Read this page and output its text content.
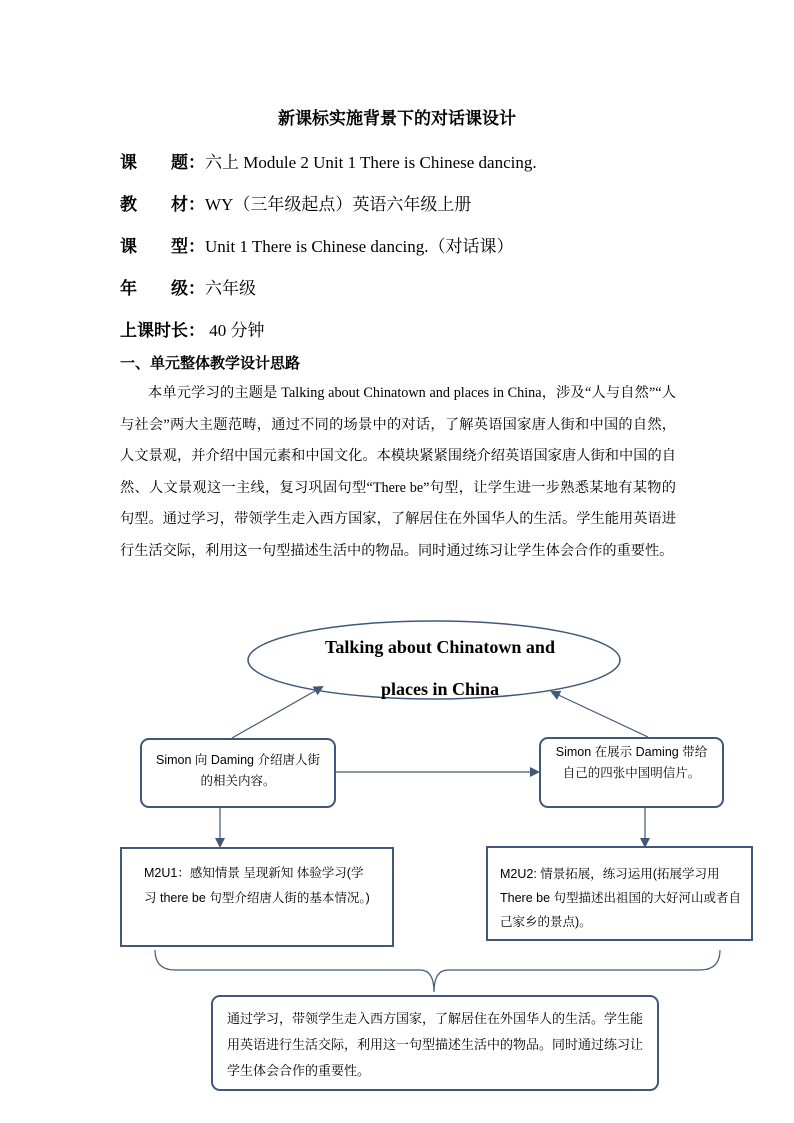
新课标实施背景下的对话课设计
课　　题：六上 Module 2 Unit 1 There is Chinese dancing.
教　　材：WY（三年级起点）英语六年级上册
课　　型：Unit 1 There is Chinese dancing.（对话课）
年　　级：六年级
上课时长： 40 分钟
一、单元整体教学设计思路
本单元学习的主题是 Talking about Chinatown and places in China，涉及“人与自然”“人与社会”两大主题范畴，通过不同的场景中的对话，了解英语国家唐人街和中国的自然，人文景观，并介绍中国元素和中国文化。本模块紧紧围绕介绍英语国家唐人街和中国的自然、人文景观这一主线，复习巩固句型“There be”句型，让学生进一步熟悉某地有某物的句型。通过学习，带领学生走入西方国家，了解居住在外国华人的生活。学生能用英语进行生活交际，利用这一句型描述生活中的物品。同时通过练习让学生体会合作的重要性。
Talking about Chinatown and
places in China
Simon 向 Daming 介绍唐人街的相关内容。
Simon 在展示 Daming 带给自己的四张中国明信片。
M2U1：感知情景 呈现新知 体验学习(学习 there be 句型介绍唐人街的基本情况。)
M2U2: 情景拓展，练习运用(拓展学习用 There be 句型描述出祖国的大好河山或者自己家乡的景点)。
通过学习，带领学生走入西方国家，了解居住在外国华人的生活。学生能用英语进行生活交际，利用这一句型描述生活中的物品。同时通过练习让学生体会合作的重要性。
